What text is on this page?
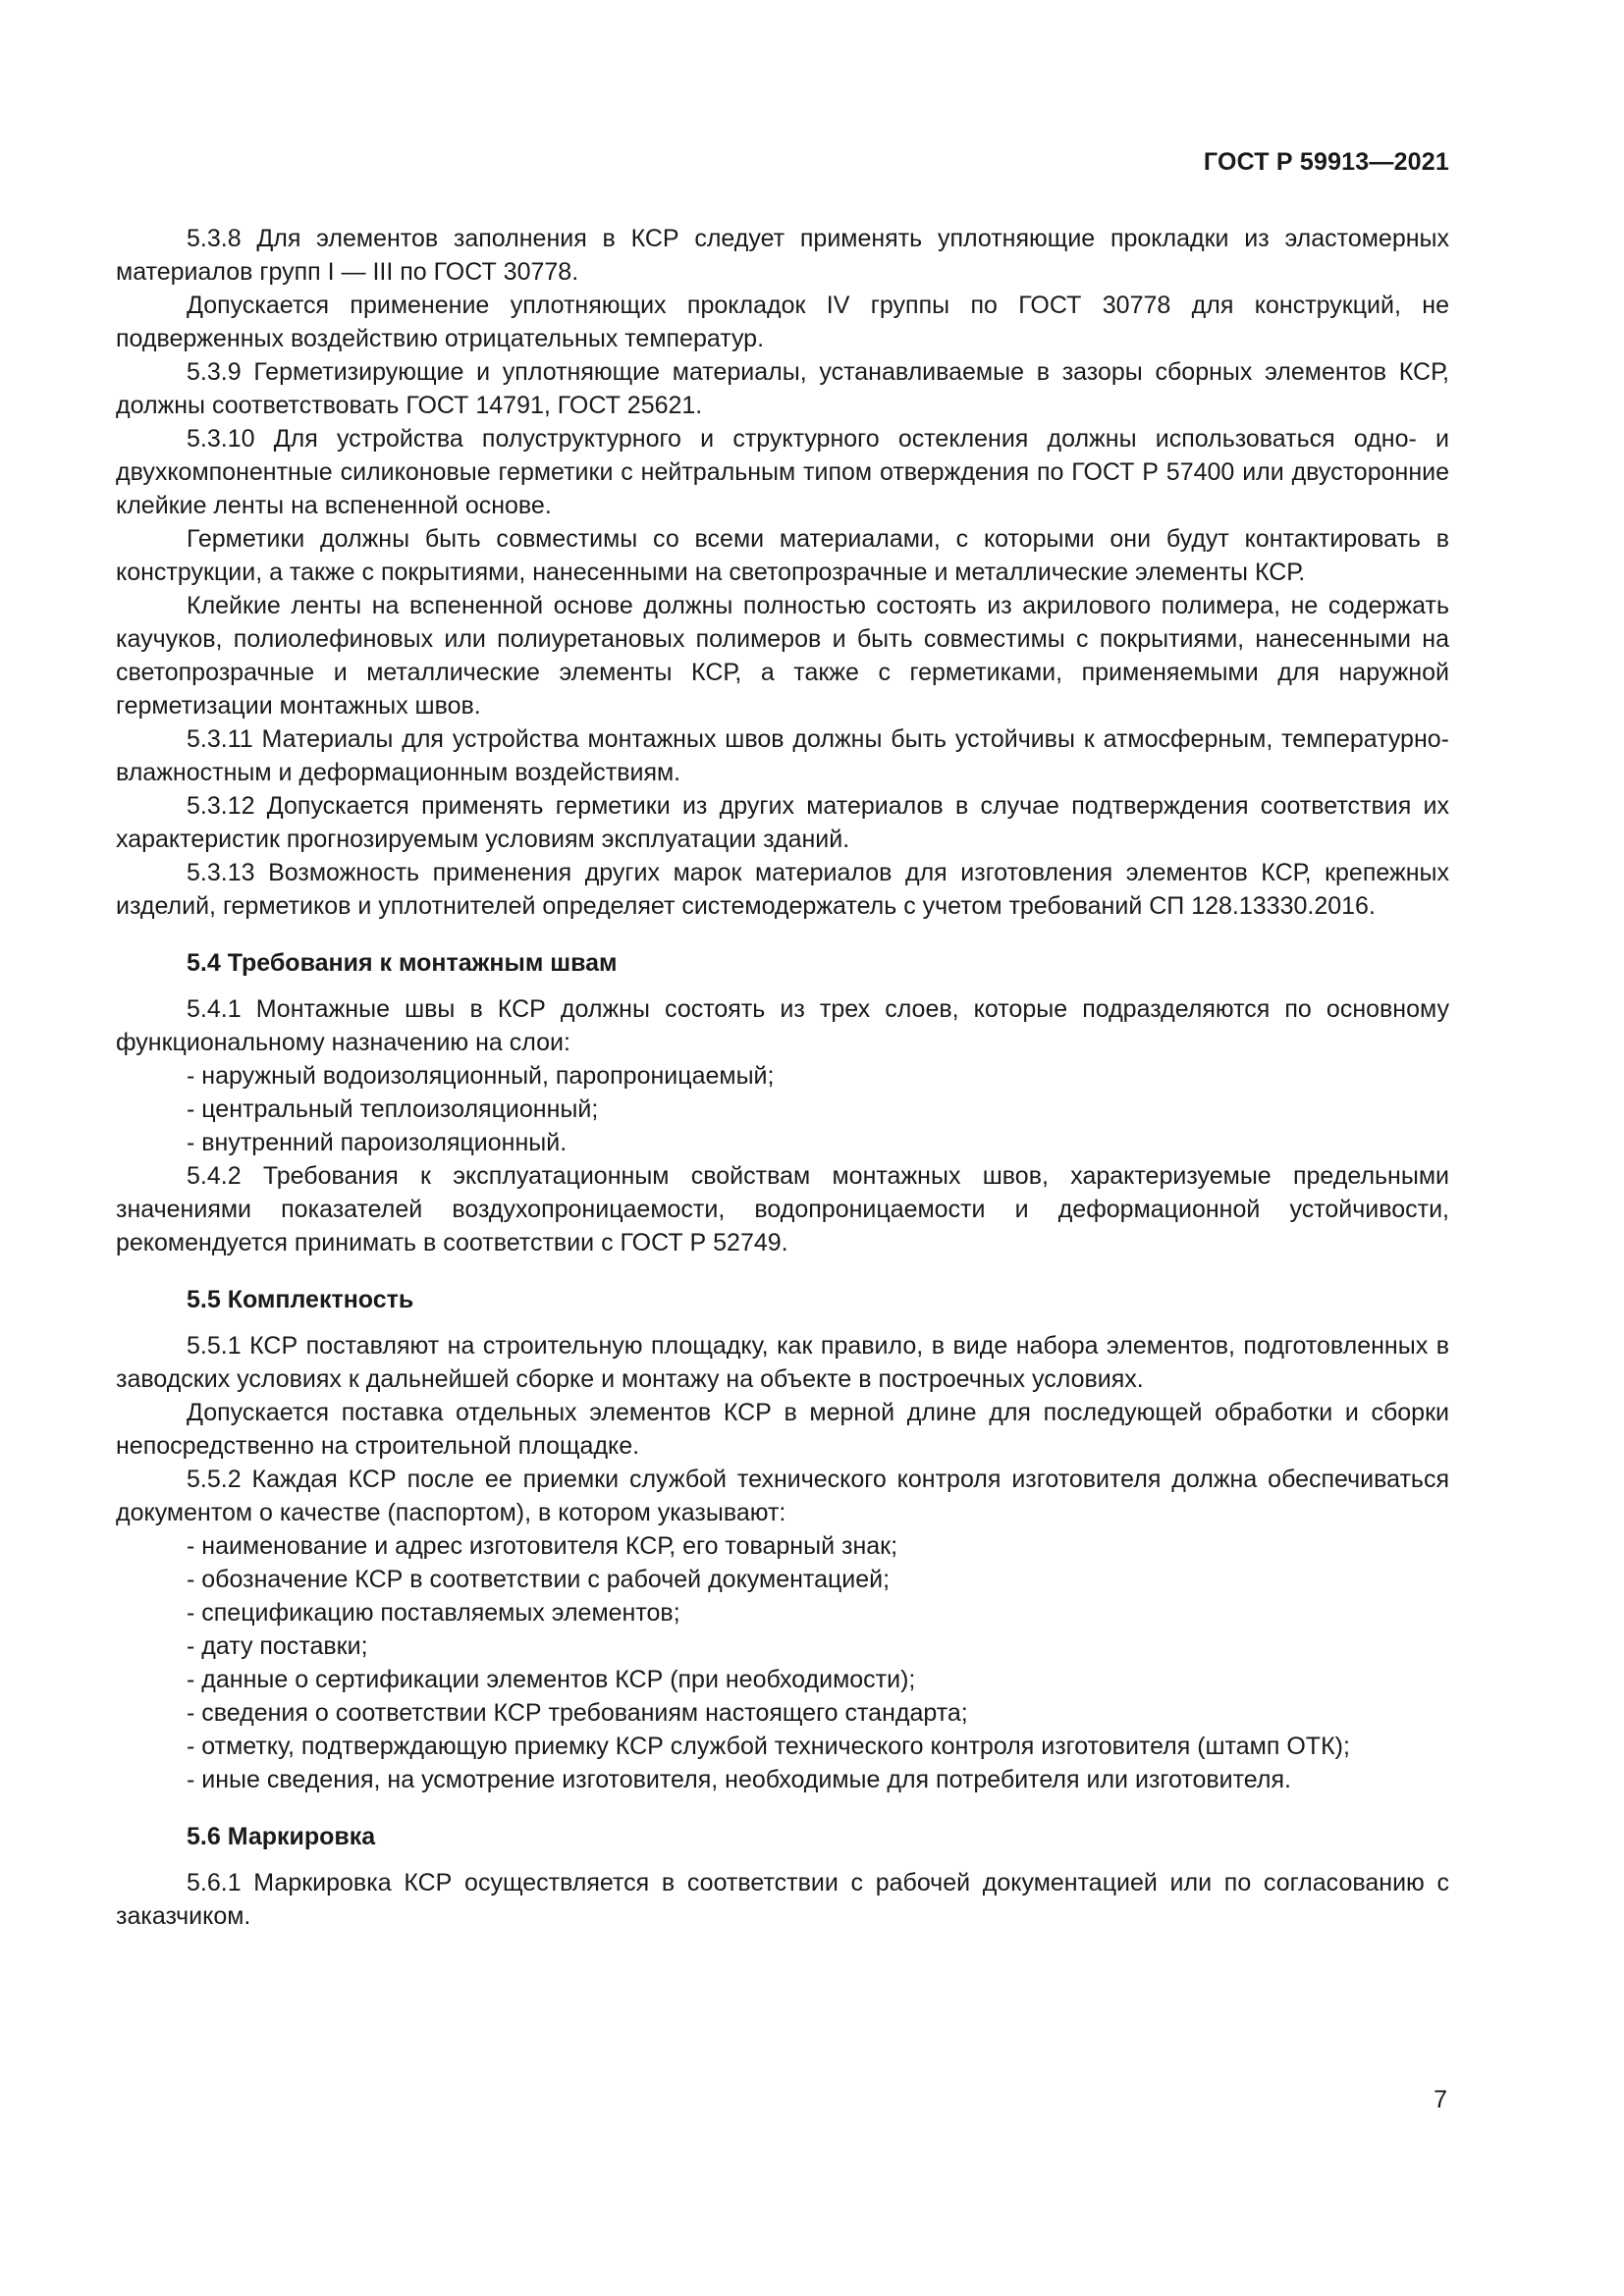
ГОСТ Р 59913—2021

5.3.8 Для элементов заполнения в КСР следует применять уплотняющие прокладки из эластомерных материалов групп I — III по ГОСТ 30778.

Допускается применение уплотняющих прокладок IV группы по ГОСТ 30778 для конструкций, не подверженных воздействию отрицательных температур.

5.3.9 Герметизирующие и уплотняющие материалы, устанавливаемые в зазоры сборных элементов КСР, должны соответствовать ГОСТ 14791, ГОСТ 25621.

5.3.10 Для устройства полуструктурного и структурного остекления должны использоваться одно- и двухкомпонентные силиконовые герметики с нейтральным типом отверждения по ГОСТ Р 57400 или двусторонние клейкие ленты на вспененной основе.

Герметики должны быть совместимы со всеми материалами, с которыми они будут контактировать в конструкции, а также с покрытиями, нанесенными на светопрозрачные и металлические элементы КСР.

Клейкие ленты на вспененной основе должны полностью состоять из акрилового полимера, не содержать каучуков, полиолефиновых или полиуретановых полимеров и быть совместимы с покрытиями, нанесенными на светопрозрачные и металлические элементы КСР, а также с герметиками, применяемыми для наружной герметизации монтажных швов.

5.3.11 Материалы для устройства монтажных швов должны быть устойчивы к атмосферным, температурно-влажностным и деформационным воздействиям.

5.3.12 Допускается применять герметики из других материалов в случае подтверждения соответствия их характеристик прогнозируемым условиям эксплуатации зданий.

5.3.13 Возможность применения других марок материалов для изготовления элементов КСР, крепежных изделий, герметиков и уплотнителей определяет системодержатель с учетом требований СП 128.13330.2016.

5.4 Требования к монтажным швам

5.4.1 Монтажные швы в КСР должны состоять из трех слоев, которые подразделяются по основному функциональному назначению на слои:

- наружный водоизоляционный, паропроницаемый;

- центральный теплоизоляционный;

- внутренний пароизоляционный.

5.4.2 Требования к эксплуатационным свойствам монтажных швов, характеризуемые предельными значениями показателей воздухопроницаемости, водопроницаемости и деформационной устойчивости, рекомендуется принимать в соответствии с ГОСТ Р 52749.

5.5 Комплектность

5.5.1 КСР поставляют на строительную площадку, как правило, в виде набора элементов, подготовленных в заводских условиях к дальнейшей сборке и монтажу на объекте в построечных условиях.

Допускается поставка отдельных элементов КСР в мерной длине для последующей обработки и сборки непосредственно на строительной площадке.

5.5.2 Каждая КСР после ее приемки службой технического контроля изготовителя должна обеспечиваться документом о качестве (паспортом), в котором указывают:

- наименование и адрес изготовителя КСР, его товарный знак;

- обозначение КСР в соответствии с рабочей документацией;

- спецификацию поставляемых элементов;

- дату поставки;

- данные о сертификации элементов КСР (при необходимости);

- сведения о соответствии КСР требованиям настоящего стандарта;

- отметку, подтверждающую приемку КСР службой технического контроля изготовителя (штамп ОТК);

- иные сведения, на усмотрение изготовителя, необходимые для потребителя или изготовителя.

5.6 Маркировка

5.6.1 Маркировка КСР осуществляется в соответствии с рабочей документацией или по согласованию с заказчиком.

7
